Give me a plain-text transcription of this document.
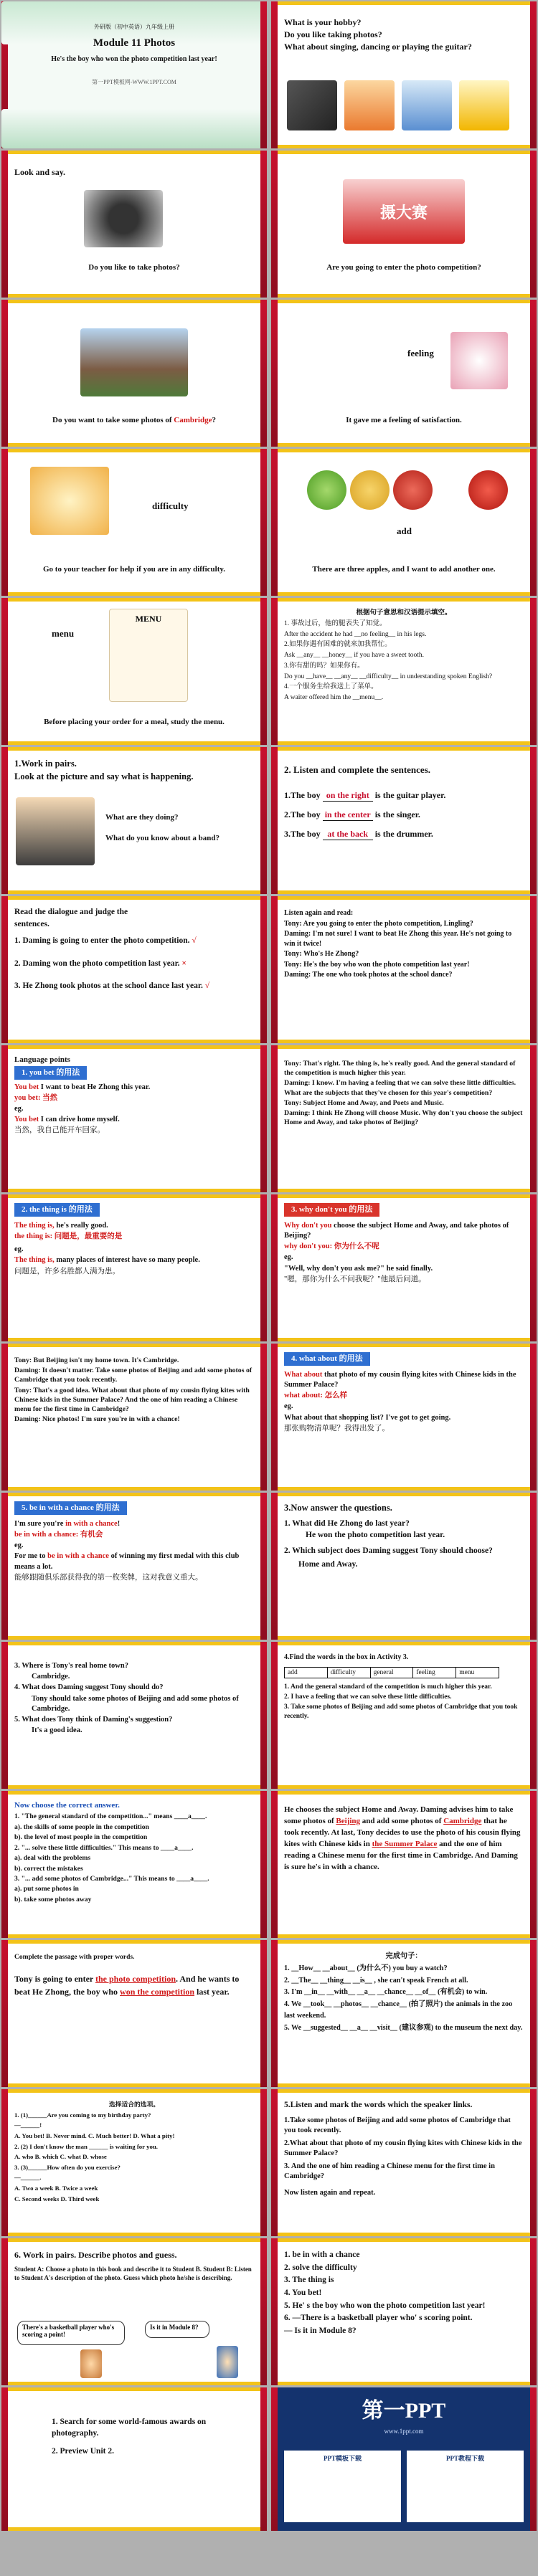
外研版（初中英语）九年级上册

Module 11 Photos

He's the boy who won the photo competition last year!

第一PPT模板网-WWW.1PPT.COM

What is your hobby?

Do you like taking photos?

What about singing, dancing or playing the guitar?

Look and say.

Do you like to take photos?

摄大赛

Are you going to enter the photo competition?

Do you want to take some photos of Cambridge?

feeling

It gave me a feeling of satisfaction.

difficulty

Go to your teacher for help if you are in any difficulty.

add

There are three apples, and I want to add another one.

menu

MENU

Before placing your order for a meal, study the menu.

根据句子意思和汉语提示填空。

1. 事故过后，他的腿表失了知觉。

After the accident he had __no feeling__ in his legs.

2.如果你遇有困难的就来加我帮忙。

Ask __any__ __honey__ if you have a sweet tooth.

3.你有甜的吗？如果你有。

Do you __have__ __any__ __difficulty__ in understanding spoken English?

4.一个服务生给我送上了菜单。

A waiter offered him the __menu__.

1.Work in pairs.

Look at the picture and say what is happening.

What are they doing?

What do you know about a band?

2. Listen and complete the sentences.

1.The boy on the right is the guitar player.

2.The boy in the center is the singer.

3.The boy at the back is the drummer.

Read the dialogue and judge the

sentences.

1. Daming is going to enter the photo competition. √

2. Daming won the photo competition last year. ×

3. He Zhong took photos at the school dance last year. √

Listen again and read:

Tony: Are you going to enter the photo competition, Lingling?

Daming: I'm not sure! I want to beat He Zhong this year. He's not going to win it twice!

Tony: Who's He Zhong?

Tony: He's the boy who won the photo competition last year!

Daming: The one who took photos at the school dance?

Language points

1. you bet 的用法

You bet I want to beat He Zhong this year.

you bet: 当然

eg.

You bet I can drive home myself.

当然，我自己能开车回家。

Tony: That's right. The thing is, he's really good. And the general standard of the competition is much higher this year.

Daming: I know. I'm having a feeling that we can solve these little difficulties. What are the subjects that they've chosen for this year's competition?

Tony: Subject Home and Away, and Poets and Music.

Daming: I think He Zhong will choose Music. Why don't you choose the subject Home and Away, and take photos of Beijing?

2. the thing is 的用法

The thing is, he's really good.

the thing is: 问题是，最重要的是

eg.

The thing is, many places of interest have so many people.

问题是，许多名胜都人满为患。

3. why don't you 的用法

Why don't you choose the subject Home and Away, and take photos of Beijing?

why don't you: 你为什么不呢

eg.

"Well, why don't you ask me?" he said finally.

"嗯，那你为什么不问我呢？"他最后问道。

Tony: But Beijing isn't my home town. It's Cambridge.

Daming: It doesn't matter. Take some photos of Beijing and add some photos of Cambridge that you took recently.

Tony: That's a good idea. What about that photo of my cousin flying kites with Chinese kids in the Summer Palace? And the one of him reading a Chinese menu for the first time in Cambridge?

Daming: Nice photos! I'm sure you're in with a chance!

4. what about 的用法

What about that photo of my cousin flying kites with Chinese kids in the Summer Palace?

what about: 怎么样

eg.

What about that shopping list? I've got to get going.

那张购物清单呢？我得出发了。

5. be in with a chance 的用法

I'm sure you're in with a chance!

be in with a chance: 有机会

eg.

For me to be in with a chance of winning my first medal with this club means a lot.

能够跟随俱乐部获得我的第一枚奖牌，这对我意义重大。

3.Now answer the questions.

1. What did He Zhong do last year?

He won the photo competition last year.

2. Which subject does Daming suggest Tony should choose?

Home and Away.

3. Where is Tony's real home town?

Cambridge.

4. What does Daming suggest Tony should do?

Tony should take some photos of Beijing and add some photos of Cambridge.

5. What does Tony think of Daming's suggestion?

It's a good idea.

4.Find the words in the box in Activity 3.

add	difficulty	general	feeling	menu

1. And the general standard of the competition is much higher this year.

2. I have a feeling that we can solve these little difficulties.

3. Take some photos of Beijing and add some photos of Cambridge that you took recently.

Now choose the correct answer.

1. "The general standard of the competition..." means ____a____.

a). the skills of some people in the competition

b). the level of most people in the competition

2. "... solve these little difficulties." This means to ____a____.

a). deal with the problems

b). correct the mistakes

3. "... add some photos of Cambridge..." This means to ____a____.

a). put some photos in

b). take some photos away

He chooses the subject Home and Away. Daming advises him to take some photos of Beijing and add some photos of Cambridge that he took recently. At last, Tony decides to use the photo of his cousin flying kites with Chinese kids in the Summer Palace and the one of him reading a Chinese menu for the first time in Cambridge. And Daming is sure he's in with a chance.

Complete the passage with proper words.

Tony is going to enter the photo competition. And he wants to beat He Zhong, the boy who won the competition last year.

完成句子：

1. __How__ __about__ (为什么不) you buy a watch?

2. __The__ __thing__ __is__ , she can't speak French at all.

3. I'm __in__ __with__ __a__ __chance__ __of__ (有机会) to win.

4. We __took__ __photos__ __chance__ (拍了照片) the animals in the zoo last weekend.

5. We __suggested__ __a__ __visit__ (建议参观) to the museum the next day.

选择适合的选项。

1. (1)______Are you coming to my birthday party?

—______!

A. You bet! B. Never mind. C. Much better! D. What a pity!

2. (2) I don't know the man ______ is waiting for you.

A. who B. which C. what D. whose

3. (3)______How often do you exercise?

—______.

A. Two a week B. Twice a week

C. Second weeks D. Third week

5.Listen and mark the words which the speaker links.

1.Take some photos of Beijing and add some photos of Cambridge that you took recently.

2.What about that photo of my cousin flying kites with Chinese kids in the Summer Palace?

3. And the one of him reading a Chinese menu for the first time in Cambridge?

Now listen again and repeat.

6. Work in pairs. Describe photos and guess.

Student A: Choose a photo in this book and describe it to Student B. Student B: Listen to Student A's description of the photo. Guess which photo he/she is describing.

There's a basketball player who's scoring a point!
Is it in Module 8?

1. be in with a chance

2. solve the difficulty

3. The thing is

4. You bet!

5. He' s the boy who won the photo competition last year!

6. —There is a basketball player who' s scoring point.

— Is it in Module 8?

1. Search for some world-famous awards on photography.

2. Preview Unit 2.

第一PPT

www.1ppt.com

PPT模板下载	PPT教程下载
